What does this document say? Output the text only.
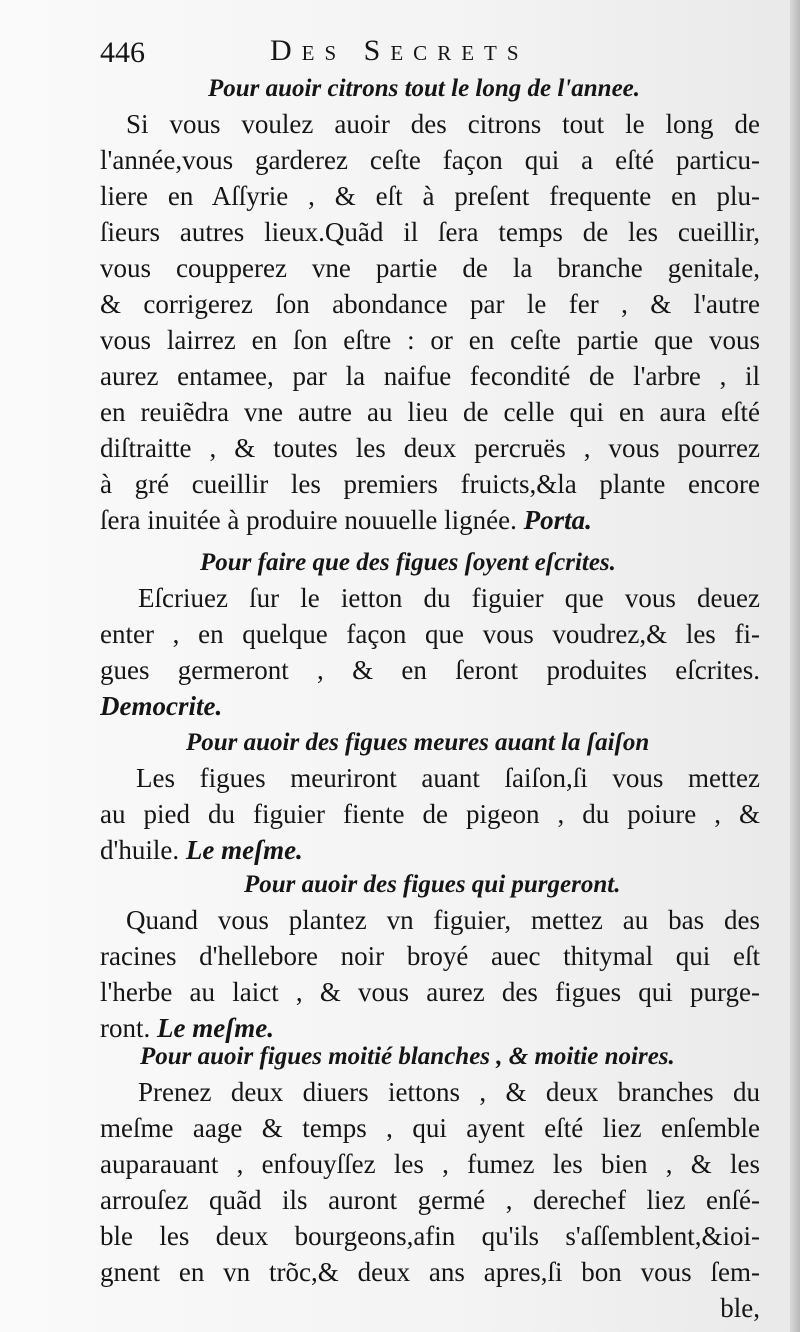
446	Des Secrets
Pour auoir citrons tout le long de l'annee.
Si vous voulez auoir des citrons tout le long de
l'année,vous garderez ceſte façon qui a eſté particu-
liere en Aſſyrie , & eſt à preſent frequente en plu-
ſieurs autres lieux.Quãd il ſera temps de les cueillir,
vous coupperez vne partie de la branche genitale,
& corrigerez ſon abondance par le fer , & l'autre
vous lairrez en ſon eſtre : or en ceſte partie que vous
aurez entamee, par la naifue fecondité de l'arbre , il
en reuiẽdra vne autre au lieu de celle qui en aura eſté
diſtraitte , & toutes les deux percruës , vous pourrez
à gré cueillir les premiers fruicts,&la plante encore
ſera inuitée à produire nouuelle lignée. Porta.
Pour faire que des figues ſoyent eſcrites.
Eſcriuez ſur le ietton du figuier que vous deuez
enter , en quelque façon que vous voudrez,& les fi-
gues germeront , & en ſeront produites eſcrites.
Democrite.
Pour auoir des figues meures auant la ſaiſon
Les figues meuriront auant ſaiſon,ſi vous mettez
au pied du figuier fiente de pigeon , du poiure , &
d'huile. Le meſme.
Pour auoir des figues qui purgeront.
Quand vous plantez vn figuier, mettez au bas des
racines d'hellebore noir broyé auec thitymal qui eſt
l'herbe au laict , & vous aurez des figues qui purge-
ront. Le meſme.
Pour auoir figues moitié blanches , & moitie noires.
Prenez deux diuers iettons , & deux branches du
meſme aage & temps , qui ayent eſté liez enſemble
auparauant , enfouyſſez les , fumez les bien , & les
arrouſez quãd ils auront germé , derechef liez enſé-
ble les deux bourgeons,afin qu'ils s'aſſemblent,&ioi-
gnent en vn trõc,& deux ans apres,ſi bon vous ſem-
ble,
